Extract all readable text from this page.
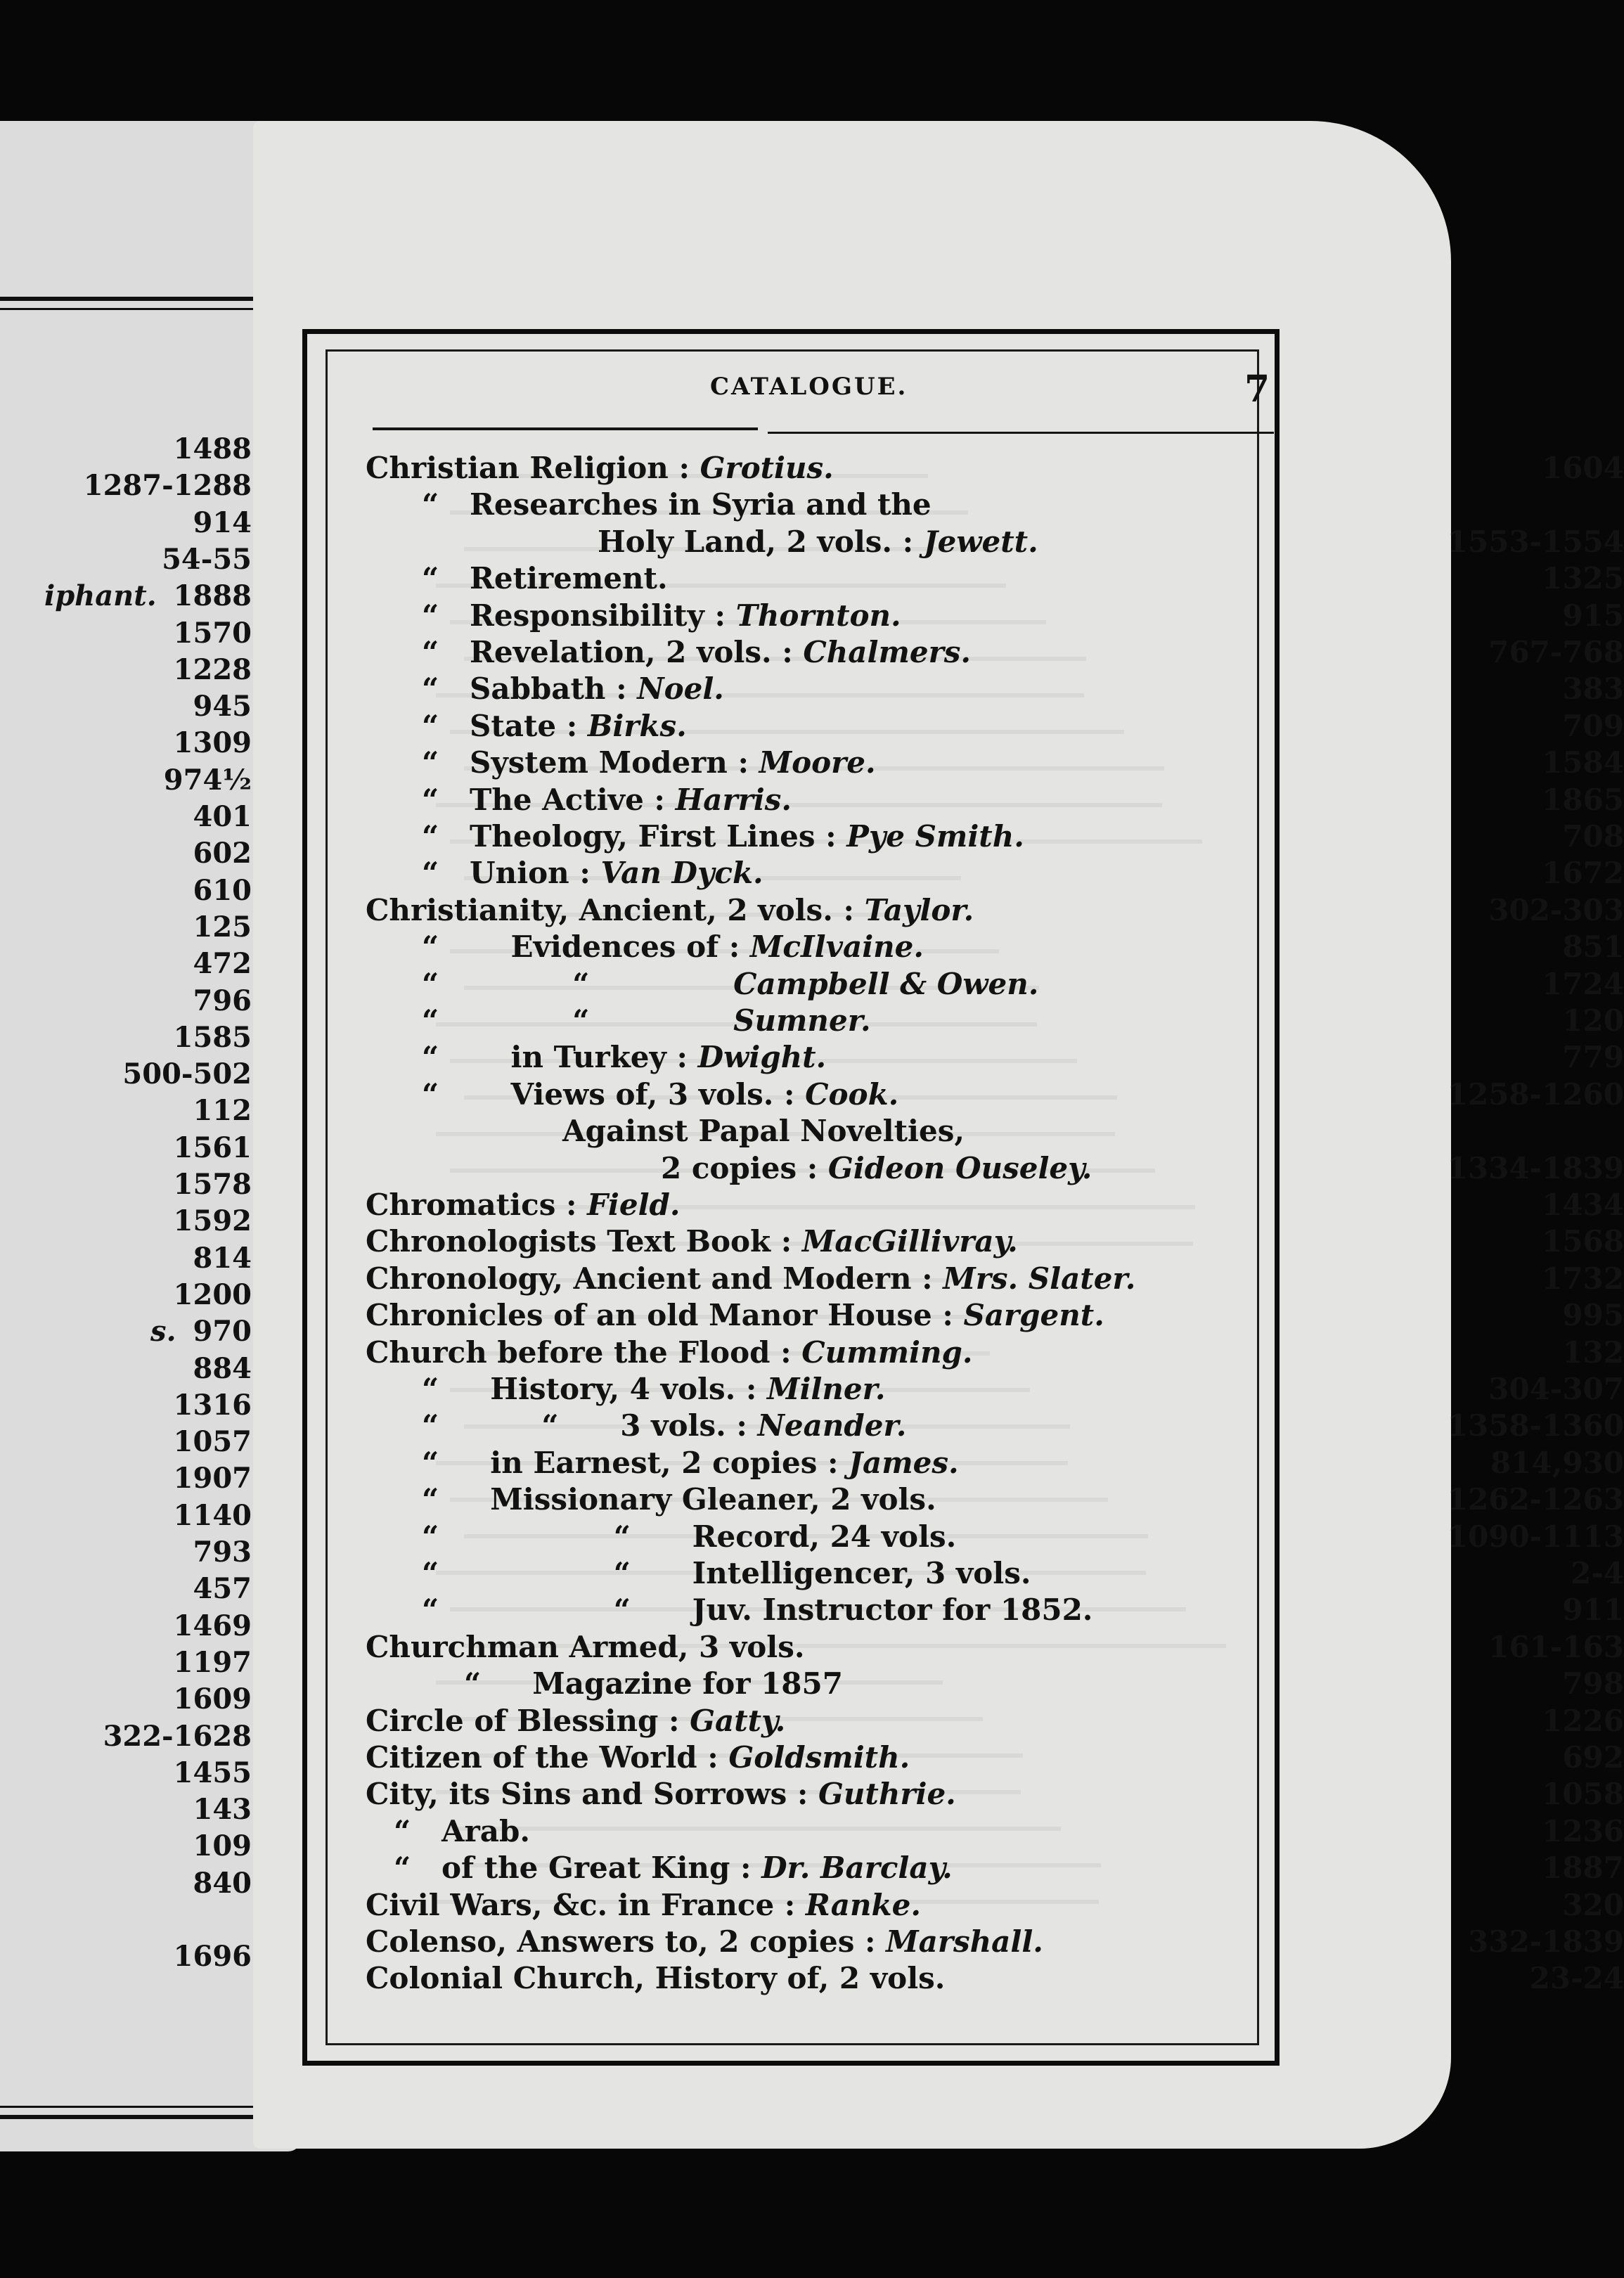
1488
1287-1288
914
54-55
iphant. 1888
1570
1228
945
1309
974½
401
602
610
125
472
796
1585
500-502
112
1561
1578
1592
814
1200
s. 970
884
1316
1057
1907
1140
793
457
1469
1197
1609
322-1628
1455
143
109
840
1696
CATALOGUE.	7
Christian Religion : Grotius.	1604
“   Researches in Syria and the
Holy Land, 2 vols. : Jewett.	1553-1554
“   Retirement.	1325
“   Responsibility : Thornton.	915
“   Revelation, 2 vols. : Chalmers.	767-768
“   Sabbath : Noel.	383
“   State : Birks.	709
“   System Modern : Moore.	1584
“   The Active : Harris.	1865
“   Theology, First Lines : Pye Smith.	708
“   Union : Van Dyck.	1672
Christianity, Ancient, 2 vols. : Taylor.	302-303
“       Evidences of : McIlvaine.	851
“             “              Campbell & Owen.	1724
“             “              Sumner.	120
“       in Turkey : Dwight.	779
“       Views of, 3 vols. : Cook.	1258-1260
Against Papal Novelties,
2 copies : Gideon Ouseley.	1334-1839
Chromatics : Field.	1434
Chronologists Text Book : MacGillivray.	1568
Chronology, Ancient and Modern : Mrs. Slater.	1732
Chronicles of an old Manor House : Sargent.	995
Church before the Flood : Cumming.	132
“     History, 4 vols. : Milner.	304-307
“          “      3 vols. : Neander.	1358-1360
“     in Earnest, 2 copies : James.	814,930
“     Missionary Gleaner, 2 vols.	1262-1263
“                 “      Record, 24 vols.	1090-1113
“                 “      Intelligencer, 3 vols.	2-4
“                 “      Juv. Instructor for 1852.	911
Churchman Armed, 3 vols.	161-163
“     Magazine for 1857	798
Circle of Blessing : Gatty.	1226
Citizen of the World : Goldsmith.	692
City, its Sins and Sorrows : Guthrie.	1058
“   Arab.	1236
“   of the Great King : Dr. Barclay.	1887
Civil Wars, &c. in France : Ranke.	320
Colenso, Answers to, 2 copies : Marshall.	332-1839
Colonial Church, History of, 2 vols.	23-24
